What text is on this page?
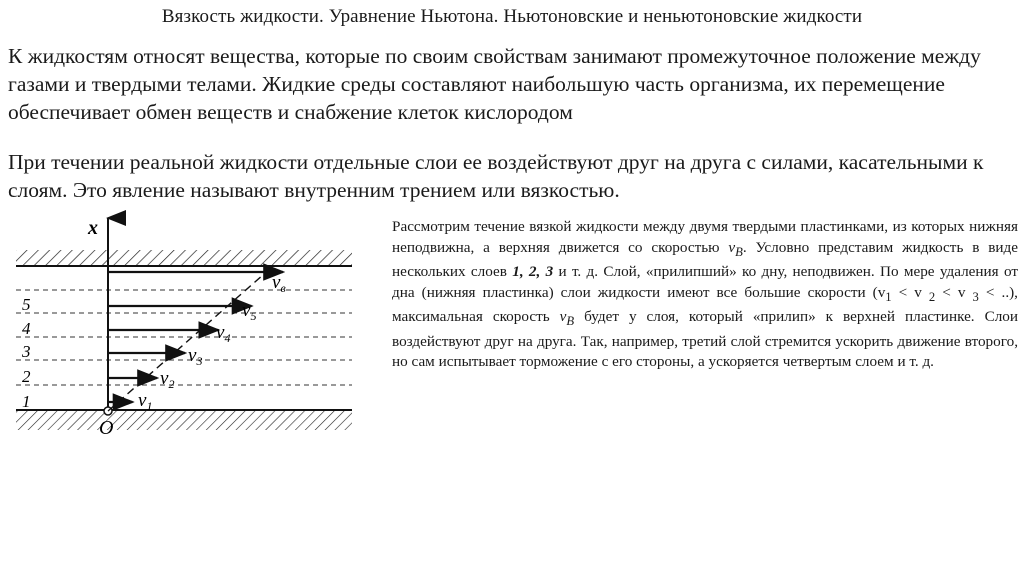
Вязкость жидкости. Уравнение Ньютона. Ньютоновские и неньютоновские жидкости

К жидкостям относят вещества, которые по своим свойствам занимают промежуточное положение между газами и твердыми телами. Жидкие среды составляют наибольшую часть организма, их перемещение обеспечивает обмен веществ и снабжение клеток кислородом

При течении реальной жидкости отдельные слои ее воздействуют друг на друга с силами, касательными к слоям. Это явление называют внутренним трением или вязкостью.

x
O
1
2
3
4
5
$v_1$
$v_2$
$v_3$
$v_4$
$v_5$
$v_в$

Рассмотрим течение вязкой жидкости между двумя твердыми пластинками, из которых нижняя неподвижна, а верхняя движется со скоростью $v_B$. Условно представим жидкость в виде нескольких слоев 1, 2, 3 и т. д. Слой, «прилипший» ко дну, неподвижен. По мере удаления от дна (нижняя пластинка) слои жидкости имеют все большие скорости ($v_1 < v$ $_2$ < v $_3$ < ..), максимальная скорость $v_B$ будет у слоя, который «прилип» к верхней пластинке. Слои воздействуют друг на друга. Так, например, третий слой стремится ускорить движение второго, но сам испытывает торможение с его стороны, а ускоряется четвертым слоем и т. д.
